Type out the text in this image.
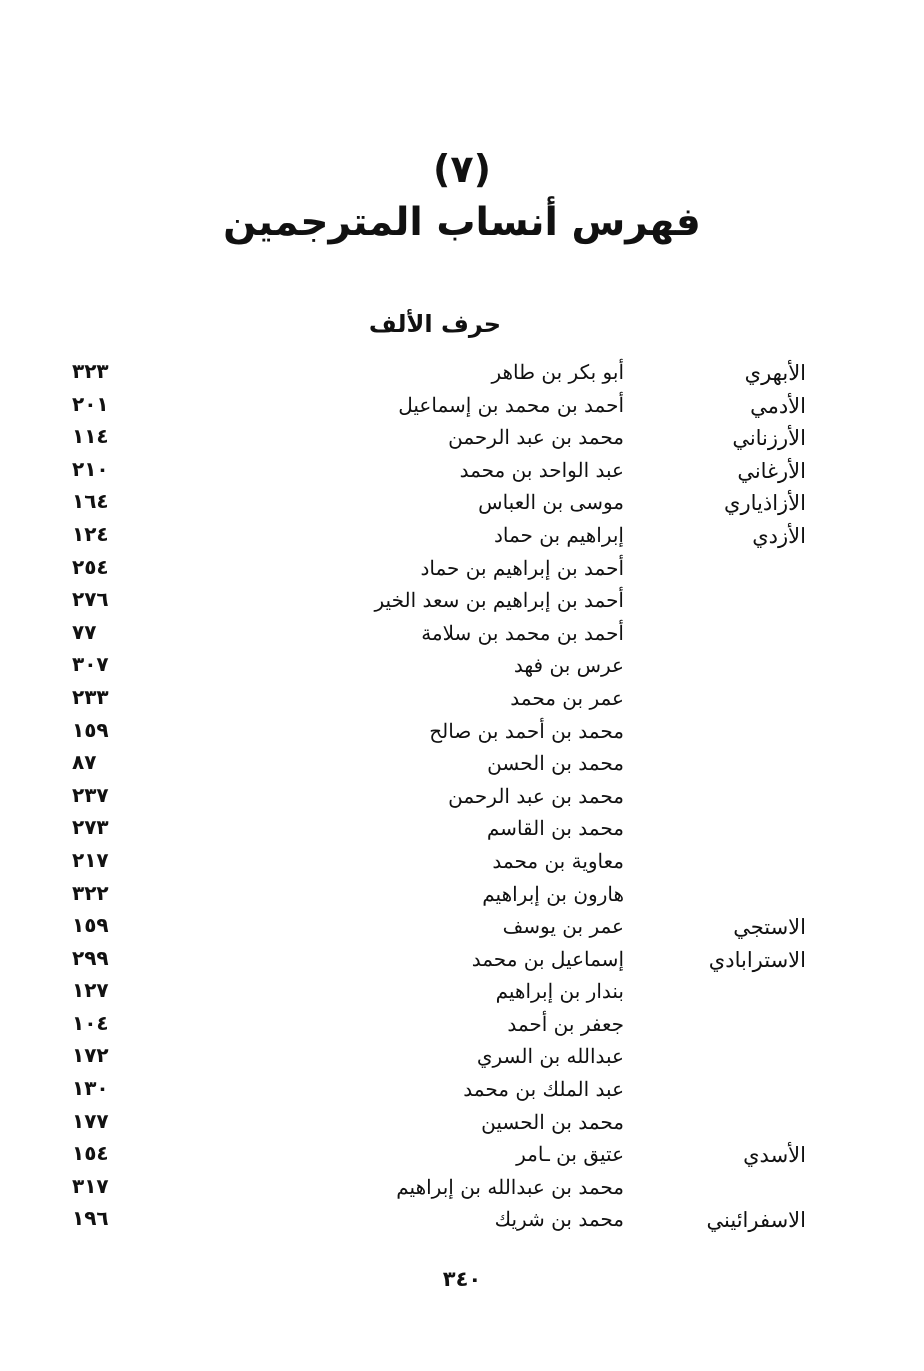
(٧)
فهرس أنساب المترجمين
حرف الألف
الأبهري
أبو بكر بن طاهر
٣٢٣
الأدمي
أحمد بن محمد بن إسماعيل
٢٠١
الأرزناني
محمد بن عبد الرحمن
١١٤
الأرغاني
عبد الواحد بن محمد
٢١٠
الأزاذياري
موسى بن العباس
١٦٤
الأزدي
إبراهيم بن حماد
١٢٤
أحمد بن إبراهيم بن حماد
٢٥٤
أحمد بن إبراهيم بن سعد الخير
٢٧٦
أحمد بن محمد بن سلامة
٧٧
عرس بن فهد
٣٠٧
عمر بن محمد
٢٣٣
محمد بن أحمد بن صالح
١٥٩
محمد بن الحسن
٨٧
محمد بن عبد الرحمن
٢٣٧
محمد بن القاسم
٢٧٣
معاوية بن محمد
٢١٧
هارون بن إبراهيم
٣٢٢
الاستجي
عمر بن يوسف
١٥٩
الاسترابادي
إسماعيل بن محمد
٢٩٩
بندار بن إبراهيم
١٢٧
جعفر بن أحمد
١٠٤
عبدالله بن السري
١٧٢
عبد الملك بن محمد
١٣٠
محمد بن الحسين
١٧٧
الأسدي
عتيق بن ـامر
١٥٤
محمد بن عبدالله بن إبراهيم
٣١٧
الاسفرائيني
محمد بن شريك
١٩٦
٣٤٠
